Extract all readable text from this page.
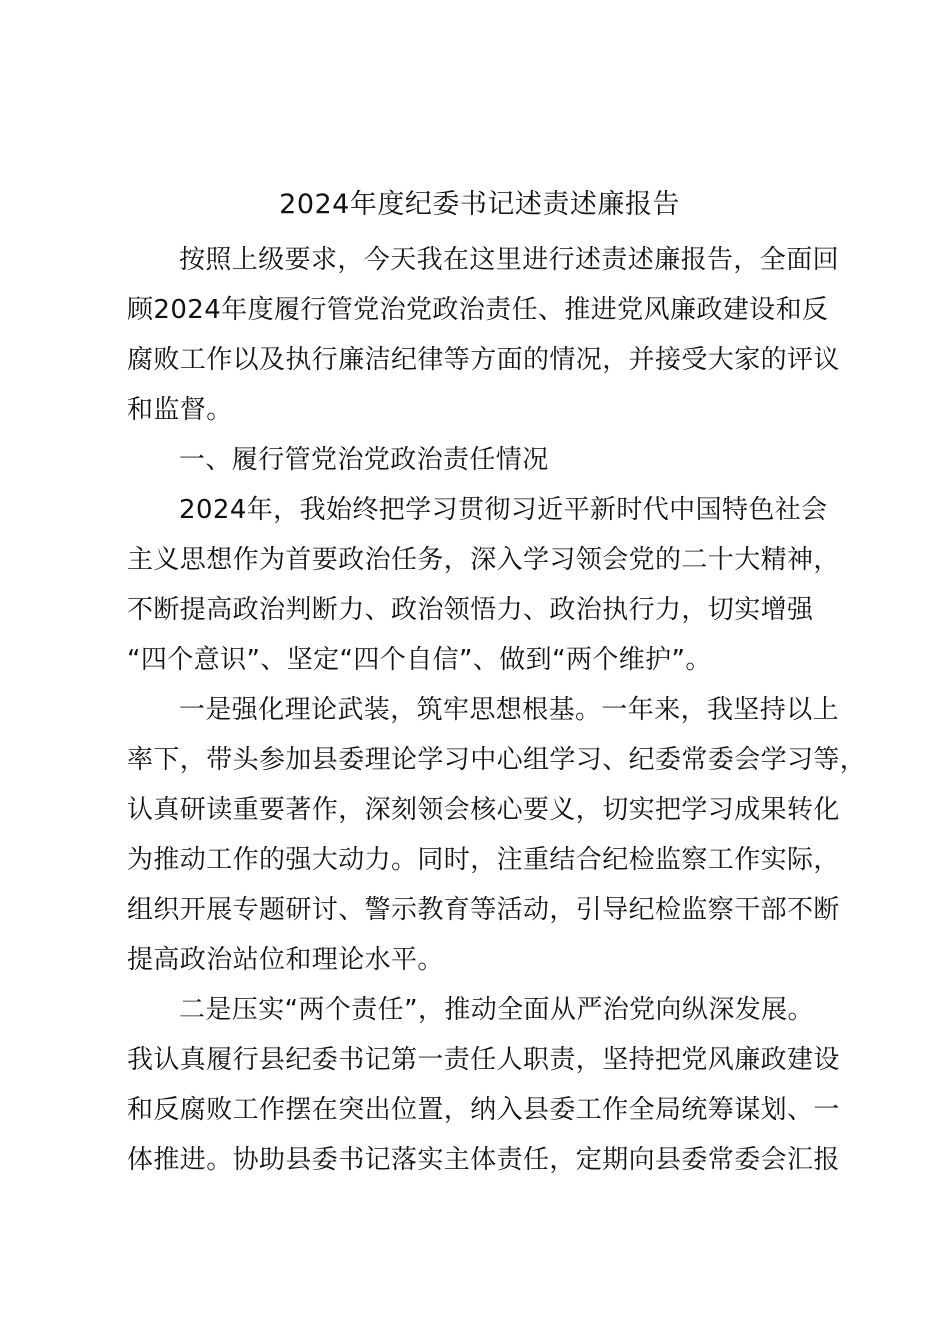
2024年度纪委书记述责述廉报告

按照上级要求，今天我在这里进行述责述廉报告，全面回
顾2024年度履行管党治党政治责任、推进党风廉政建设和反
腐败工作以及执行廉洁纪律等方面的情况，并接受大家的评议
和监督。

一、履行管党治党政治责任情况

2024年，我始终把学习贯彻习近平新时代中国特色社会
主义思想作为首要政治任务，深入学习领会党的二十大精神，
不断提高政治判断力、政治领悟力、政治执行力，切实增强
“四个意识”、坚定“四个自信”、做到“两个维护”。

一是强化理论武装，筑牢思想根基。一年来，我坚持以上
率下，带头参加县委理论学习中心组学习、纪委常委会学习等，
认真研读重要著作，深刻领会核心要义，切实把学习成果转化
为推动工作的强大动力。同时，注重结合纪检监察工作实际，
组织开展专题研讨、警示教育等活动，引导纪检监察干部不断
提高政治站位和理论水平。

二是压实“两个责任”，推动全面从严治党向纵深发展。
我认真履行县纪委书记第一责任人职责，坚持把党风廉政建设
和反腐败工作摆在突出位置，纳入县委工作全局统筹谋划、一
体推进。协助县委书记落实主体责任，定期向县委常委会汇报
